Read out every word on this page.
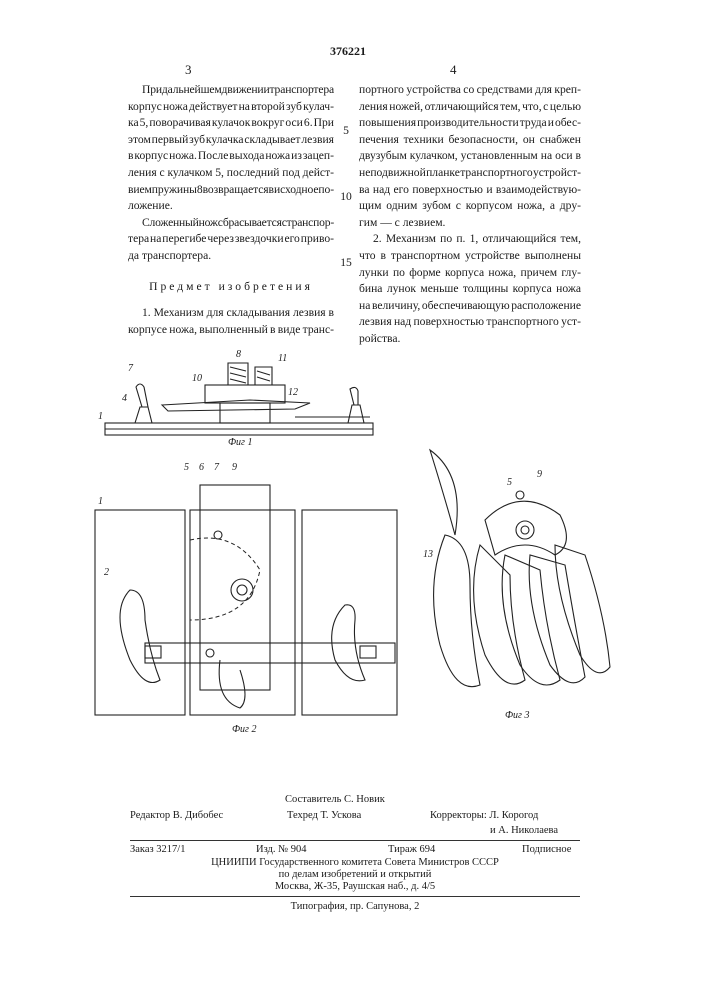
376221
3	4
При дальнейшем движении транспортера
корпус ножа действует на второй зуб кулач-
ка 5, поворачивая кулачок вокруг оси 6. При
этом первый зуб кулачка складывает лезвия
в корпус ножа. После выхода ножа из зацеп-
ления с кулачком 5, последний под дейст-
вием пружины 8 возвращается в исходное по-
ложение.
Сложенный нож сбрасывается с транспор-
тера на перегибе через звездочки его приво-
да транспортера.
Предмет изобретения
1. Механизм для складывания лезвия в
корпусе ножа, выполненный в виде транс-
5
10
15
портного устройства со средствами для креп-
ления ножей, отличающийся тем, что, с целью
повышения производительности труда и обес-
печения техники безопасности, он снабжен
двузубым кулачком, установленным на оси в
неподвижной планке транспортного устройст-
ва над его поверхностью и взаимодействую-
щим одним зубом с корпусом ножа, а дру-
гим — с лезвием.
2. Механизм по п. 1, отличающийся тем,
что в транспортном устройстве выполнены
лунки по форме корпуса ножа, причем глу-
бина лунок меньше толщины корпуса ножа
на величину, обеспечивающую расположение
лезвия над поверхностью транспортного уст-
ройства.
7
4
10
8	11
12
1
Фиг 1
5 6 7 9
1
2
Фиг 2
5
9
13
Фиг 3
Составитель С. Новик
Редактор В. Дибобес	Техред Т. Ускова	Корректоры: Л. Корогод
и А. Николаева
Заказ 3217/1	Изд. № 904	Тираж 694	Подписное
ЦНИИПИ Государственного комитета Совета Министров СССР
по делам изобретений и открытий
Москва, Ж-35, Раушская наб., д. 4/5
Типография, пр. Сапунова, 2
